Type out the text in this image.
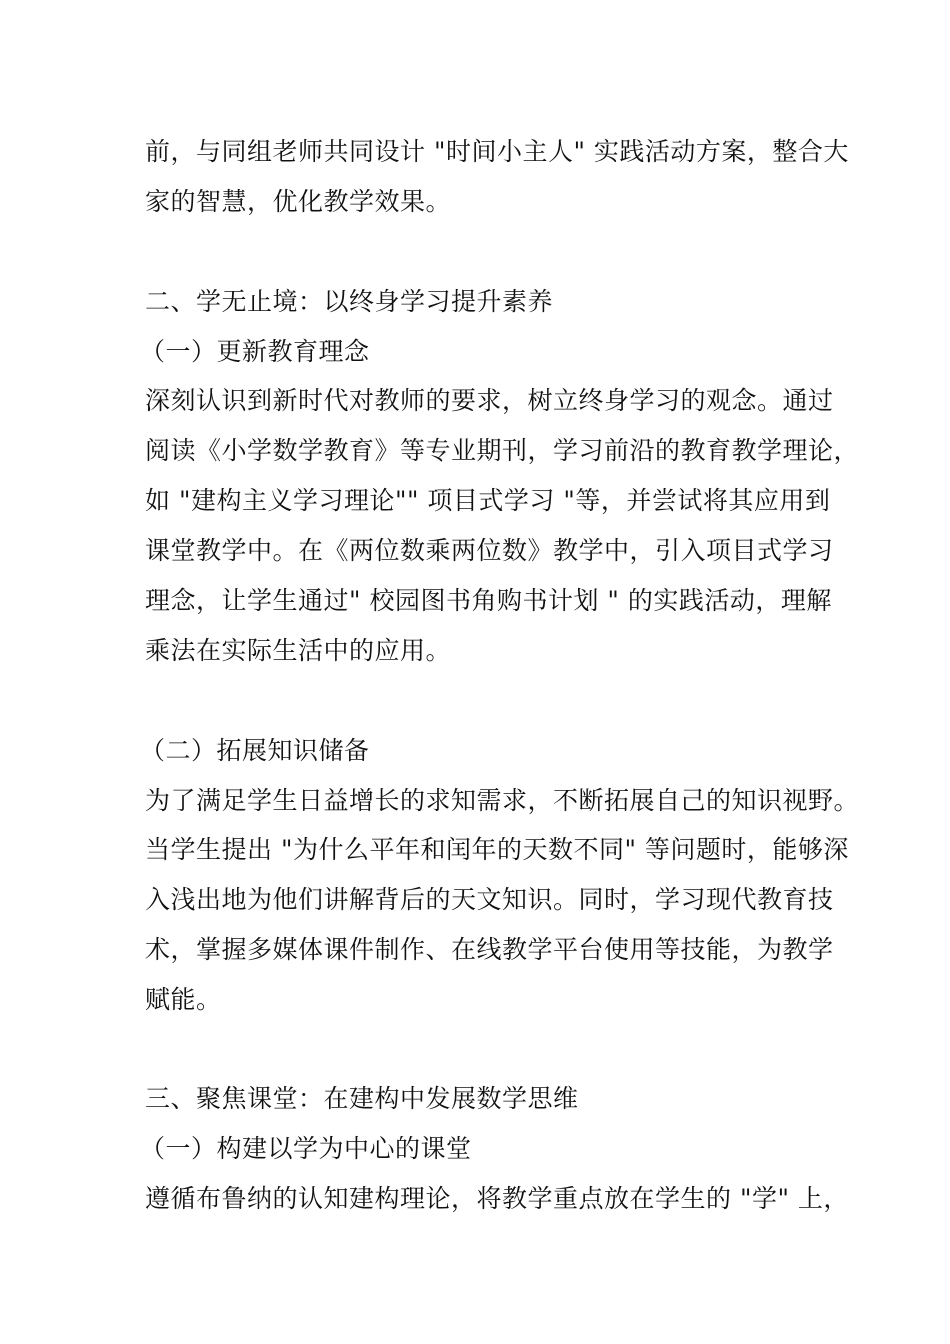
前，与同组老师共同设计 "时间小主人" 实践活动方案，整合大
家的智慧，优化教学效果。
二、学无止境：以终身学习提升素养
（一）更新教育理念
深刻认识到新时代对教师的要求，树立终身学习的观念。通过
阅读《小学数学教育》等专业期刊，学习前沿的教育教学理论，
如 "建构主义学习理论"" 项目式学习 "等，并尝试将其应用到
课堂教学中。在《两位数乘两位数》教学中，引入项目式学习
理念，让学生通过" 校园图书角购书计划 " 的实践活动，理解
乘法在实际生活中的应用。
（二）拓展知识储备
为了满足学生日益增长的求知需求，不断拓展自己的知识视野。
当学生提出 "为什么平年和闰年的天数不同" 等问题时，能够深
入浅出地为他们讲解背后的天文知识。同时，学习现代教育技
术，掌握多媒体课件制作、在线教学平台使用等技能，为教学
赋能。
三、聚焦课堂：在建构中发展数学思维
（一）构建以学为中心的课堂
遵循布鲁纳的认知建构理论，将教学重点放在学生的 "学" 上，
